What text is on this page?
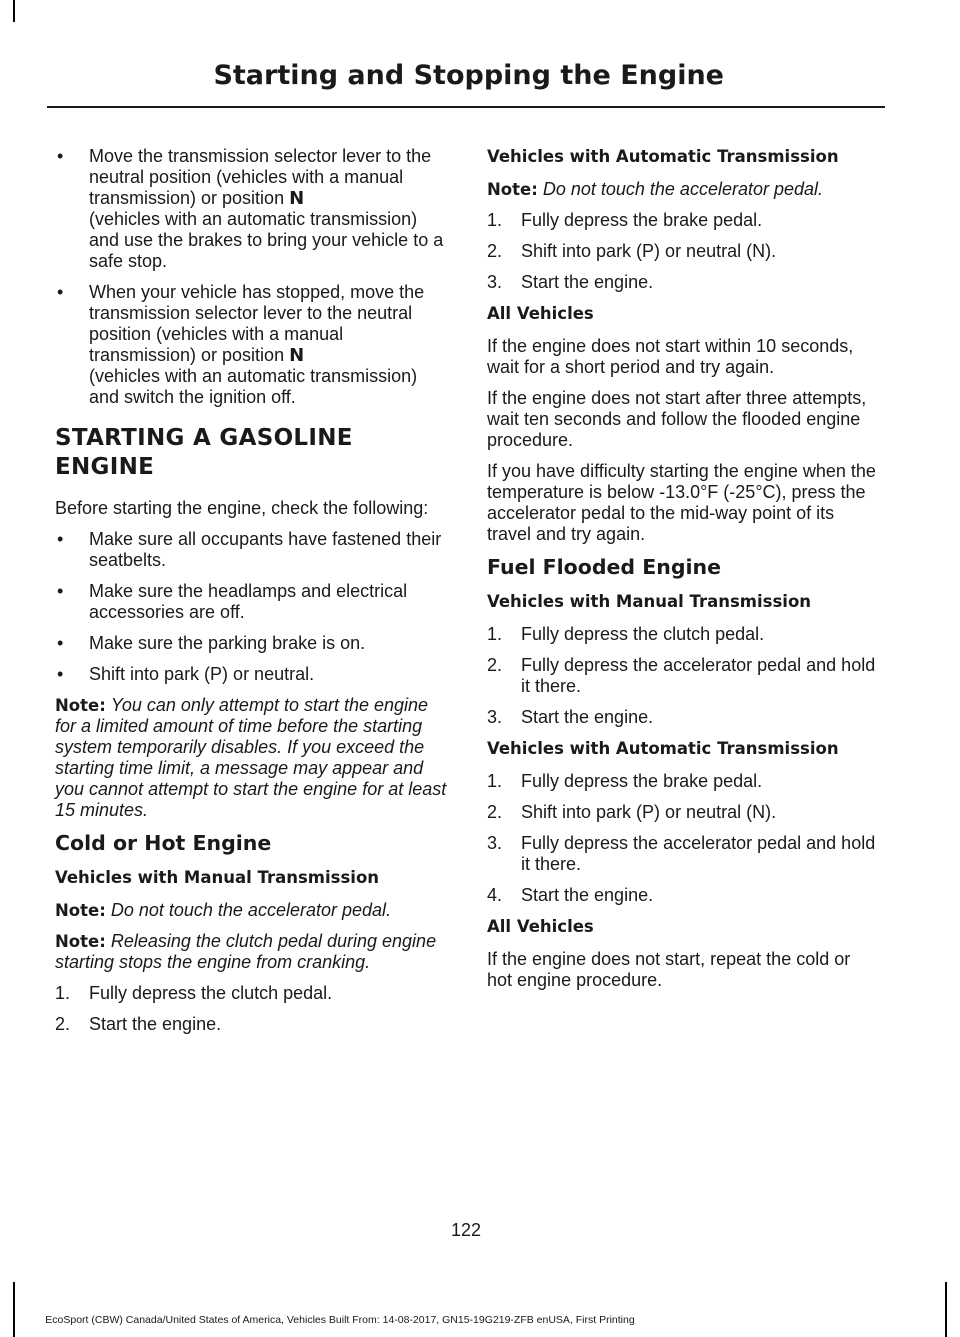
Starting and Stopping the Engine
• Move the transmission selector lever to the neutral position (vehicles with a manual transmission) or position N
(vehicles with an automatic transmission) and use the brakes to bring your vehicle to a safe stop.
• When your vehicle has stopped, move the transmission selector lever to the neutral position (vehicles with a manual transmission) or position N
(vehicles with an automatic transmission) and switch the ignition off.
STARTING A GASOLINE
ENGINE
Before starting the engine, check the following:
• Make sure all occupants have fastened their seatbelts.
• Make sure the headlamps and electrical accessories are off.
• Make sure the parking brake is on.
• Shift into park (P) or neutral.
Note: You can only attempt to start the engine for a limited amount of time before the starting system temporarily disables. If you exceed the starting time limit, a message may appear and you cannot attempt to start the engine for at least 15 minutes.
Cold or Hot Engine
Vehicles with Manual Transmission
Note: Do not touch the accelerator pedal.
Note: Releasing the clutch pedal during engine starting stops the engine from cranking.
1. Fully depress the clutch pedal.
2. Start the engine.
Vehicles with Automatic Transmission
Note: Do not touch the accelerator pedal.
1. Fully depress the brake pedal.
2. Shift into park (P) or neutral (N).
3. Start the engine.
All Vehicles
If the engine does not start within 10 seconds, wait for a short period and try again.
If the engine does not start after three attempts, wait ten seconds and follow the flooded engine procedure.
If you have difficulty starting the engine when the temperature is below -13.0°F (-25°C), press the accelerator pedal to the mid-way point of its travel and try again.
Fuel Flooded Engine
Vehicles with Manual Transmission
1. Fully depress the clutch pedal.
2. Fully depress the accelerator pedal and hold it there.
3. Start the engine.
Vehicles with Automatic Transmission
1. Fully depress the brake pedal.
2. Shift into park (P) or neutral (N).
3. Fully depress the accelerator pedal and hold it there.
4. Start the engine.
All Vehicles
If the engine does not start, repeat the cold or hot engine procedure.
122
EcoSport (CBW) Canada/United States of America, Vehicles Built From: 14-08-2017, GN15-19G219-ZFB enUSA, First Printing
